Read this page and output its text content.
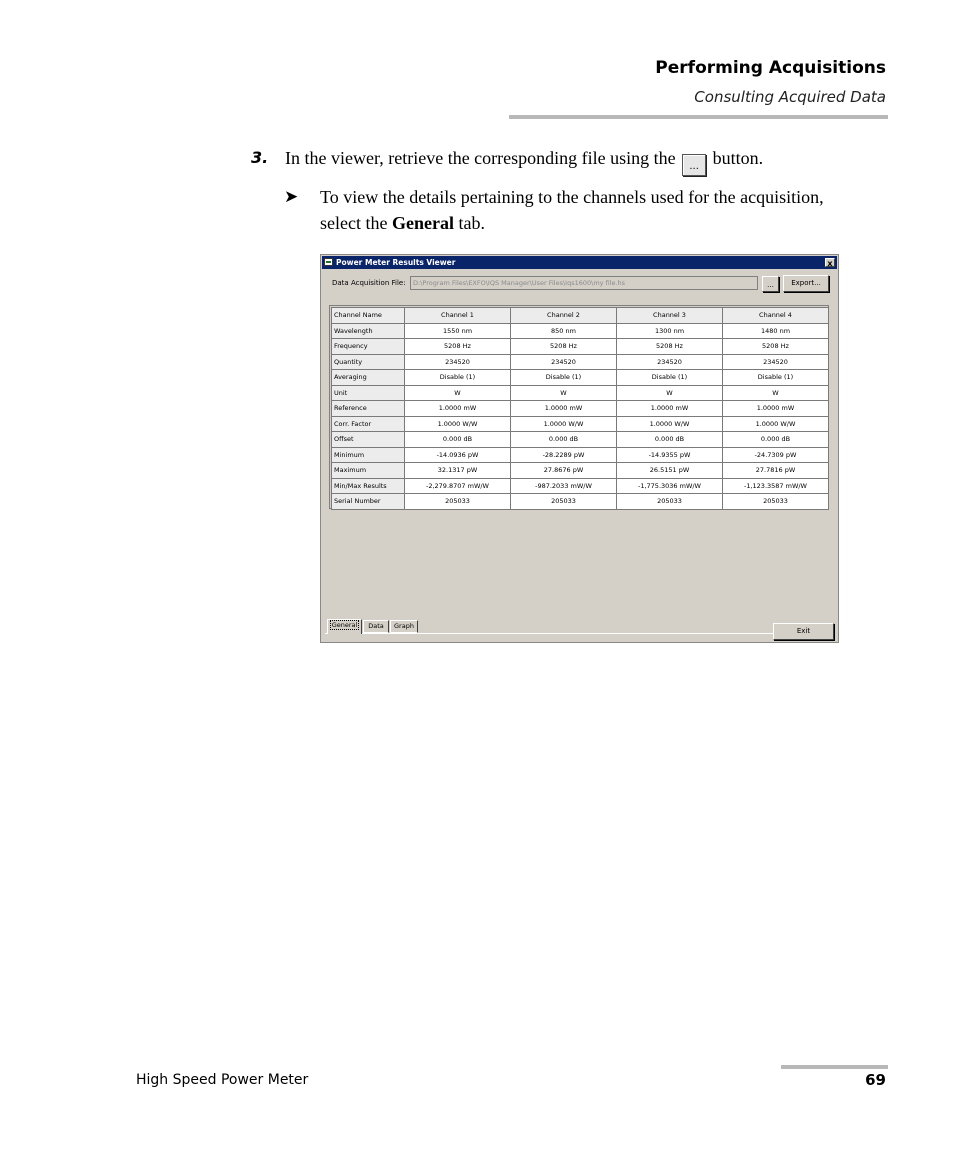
Performing Acquisitions
Consulting Acquired Data
3. In the viewer, retrieve the corresponding file using the ... button.
➤ To view the details pertaining to the channels used for the acquisition, select the General tab.
Power Meter Results Viewer	x
Data Acquisition File:	D:\Program Files\EXFO\IQS Manager\User Files\Iqs1600\my file.hs	...	Export...
Channel Name	Channel 1	Channel 2	Channel 3	Channel 4
Wavelength	1550 nm	850 nm	1300 nm	1480 nm
Frequency	5208 Hz	5208 Hz	5208 Hz	5208 Hz
Quantity	234520	234520	234520	234520
Averaging	Disable (1)	Disable (1)	Disable (1)	Disable (1)
Unit	W	W	W	W
Reference	1.0000 mW	1.0000 mW	1.0000 mW	1.0000 mW
Corr. Factor	1.0000 W/W	1.0000 W/W	1.0000 W/W	1.0000 W/W
Offset	0.000 dB	0.000 dB	0.000 dB	0.000 dB
Minimum	-14.0936 pW	-28.2289 pW	-14.9355 pW	-24.7309 pW
Maximum	32.1317 pW	27.8676 pW	26.5151 pW	27.7816 pW
Min/Max Results	-2,279.8707 mW/W	-987.2033 mW/W	-1,775.3036 mW/W	-1,123.3587 mW/W
Serial Number	205033	205033	205033	205033
General	Data	Graph
Exit
High Speed Power Meter	69
